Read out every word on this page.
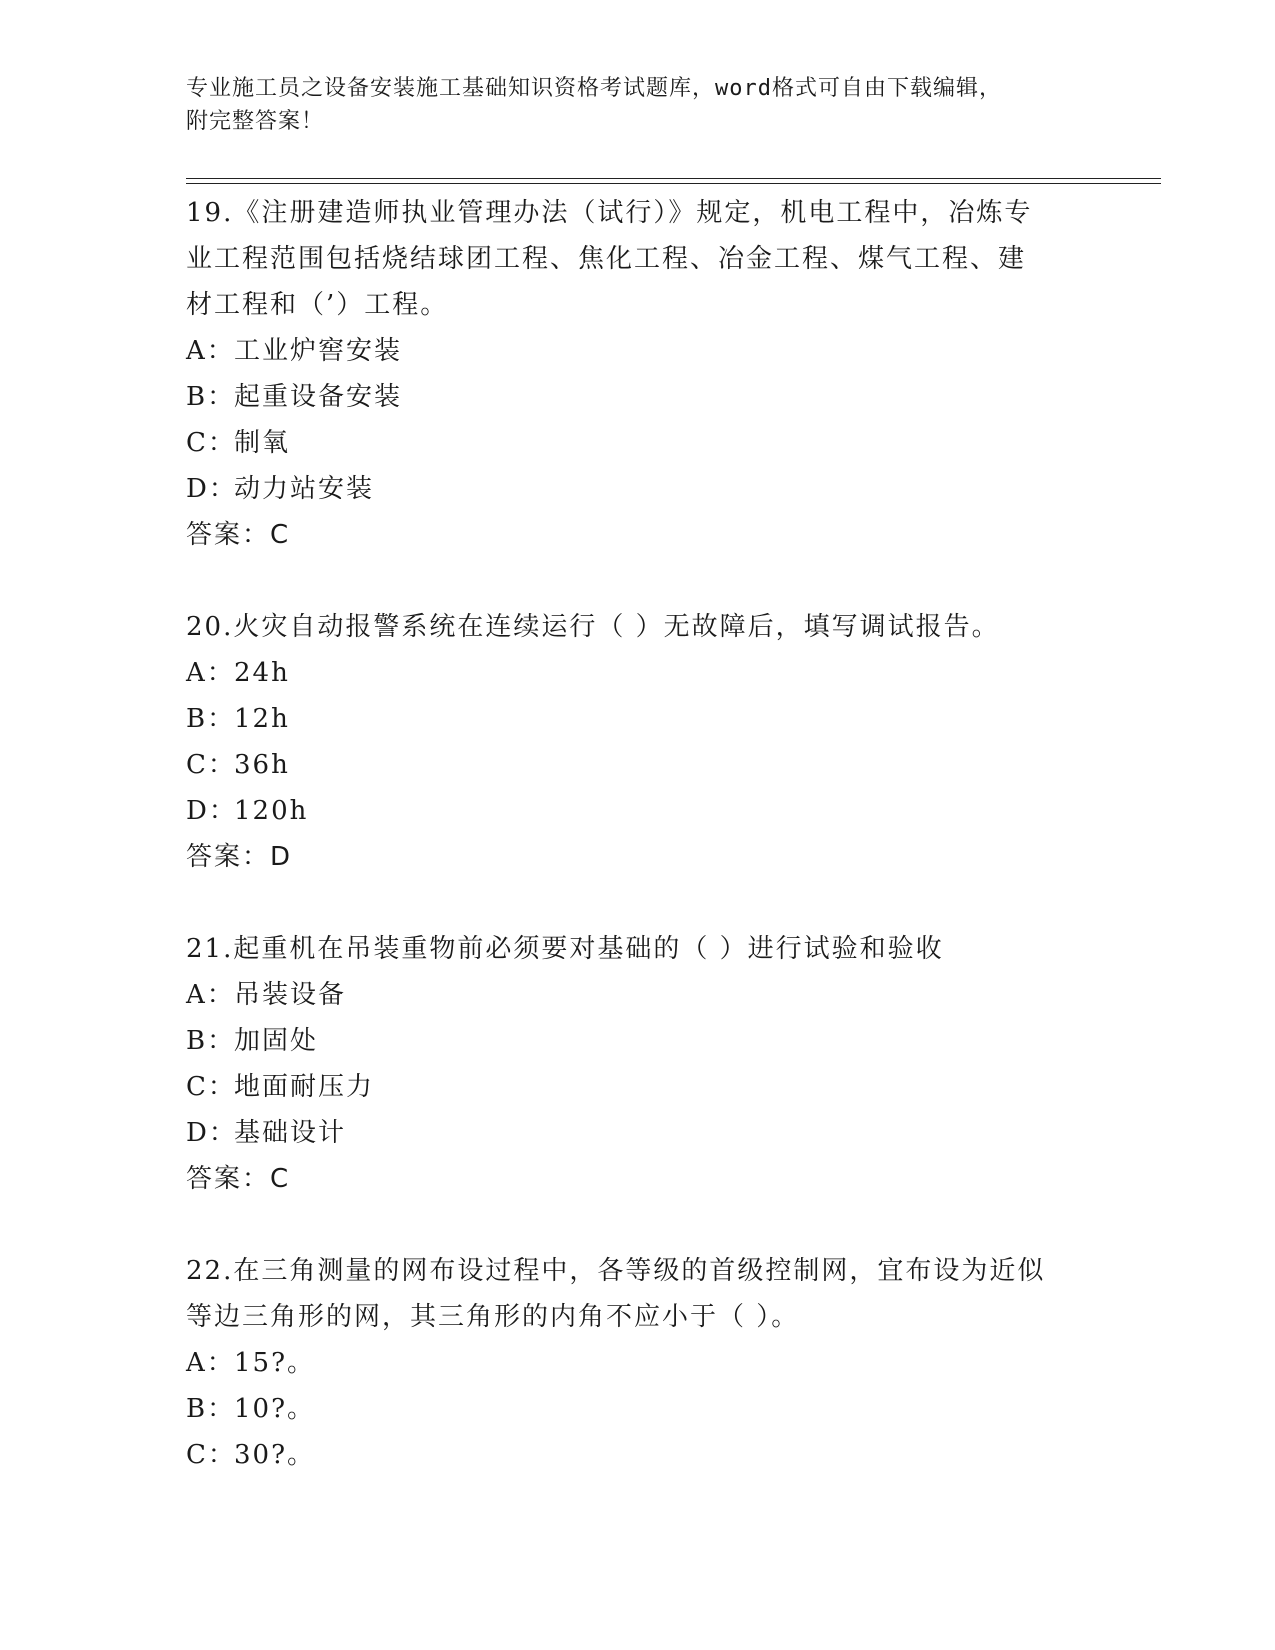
专业施工员之设备安装施工基础知识资格考试题库，word格式可自由下载编辑，
附完整答案！

19.《注册建造师执业管理办法（试行）》规定，机电工程中，冶炼专

业工程范围包括烧结球团工程、焦化工程、冶金工程、煤气工程、建

材工程和（’）工程。

A：工业炉窖安装

B：起重设备安装

C：制氧

D：动力站安装

答案：C

20.火灾自动报警系统在连续运行（ ）无故障后，填写调试报告。

A：24h

B：12h

C：36h

D：120h

答案：D

21.起重机在吊装重物前必须要对基础的（ ）进行试验和验收

A：吊装设备

B：加固处

C：地面耐压力

D：基础设计

答案：C

22.在三角测量的网布设过程中，各等级的首级控制网，宜布设为近似

等边三角形的网，其三角形的内角不应小于（ ）。

A：15?。

B：10?。

C：30?。
